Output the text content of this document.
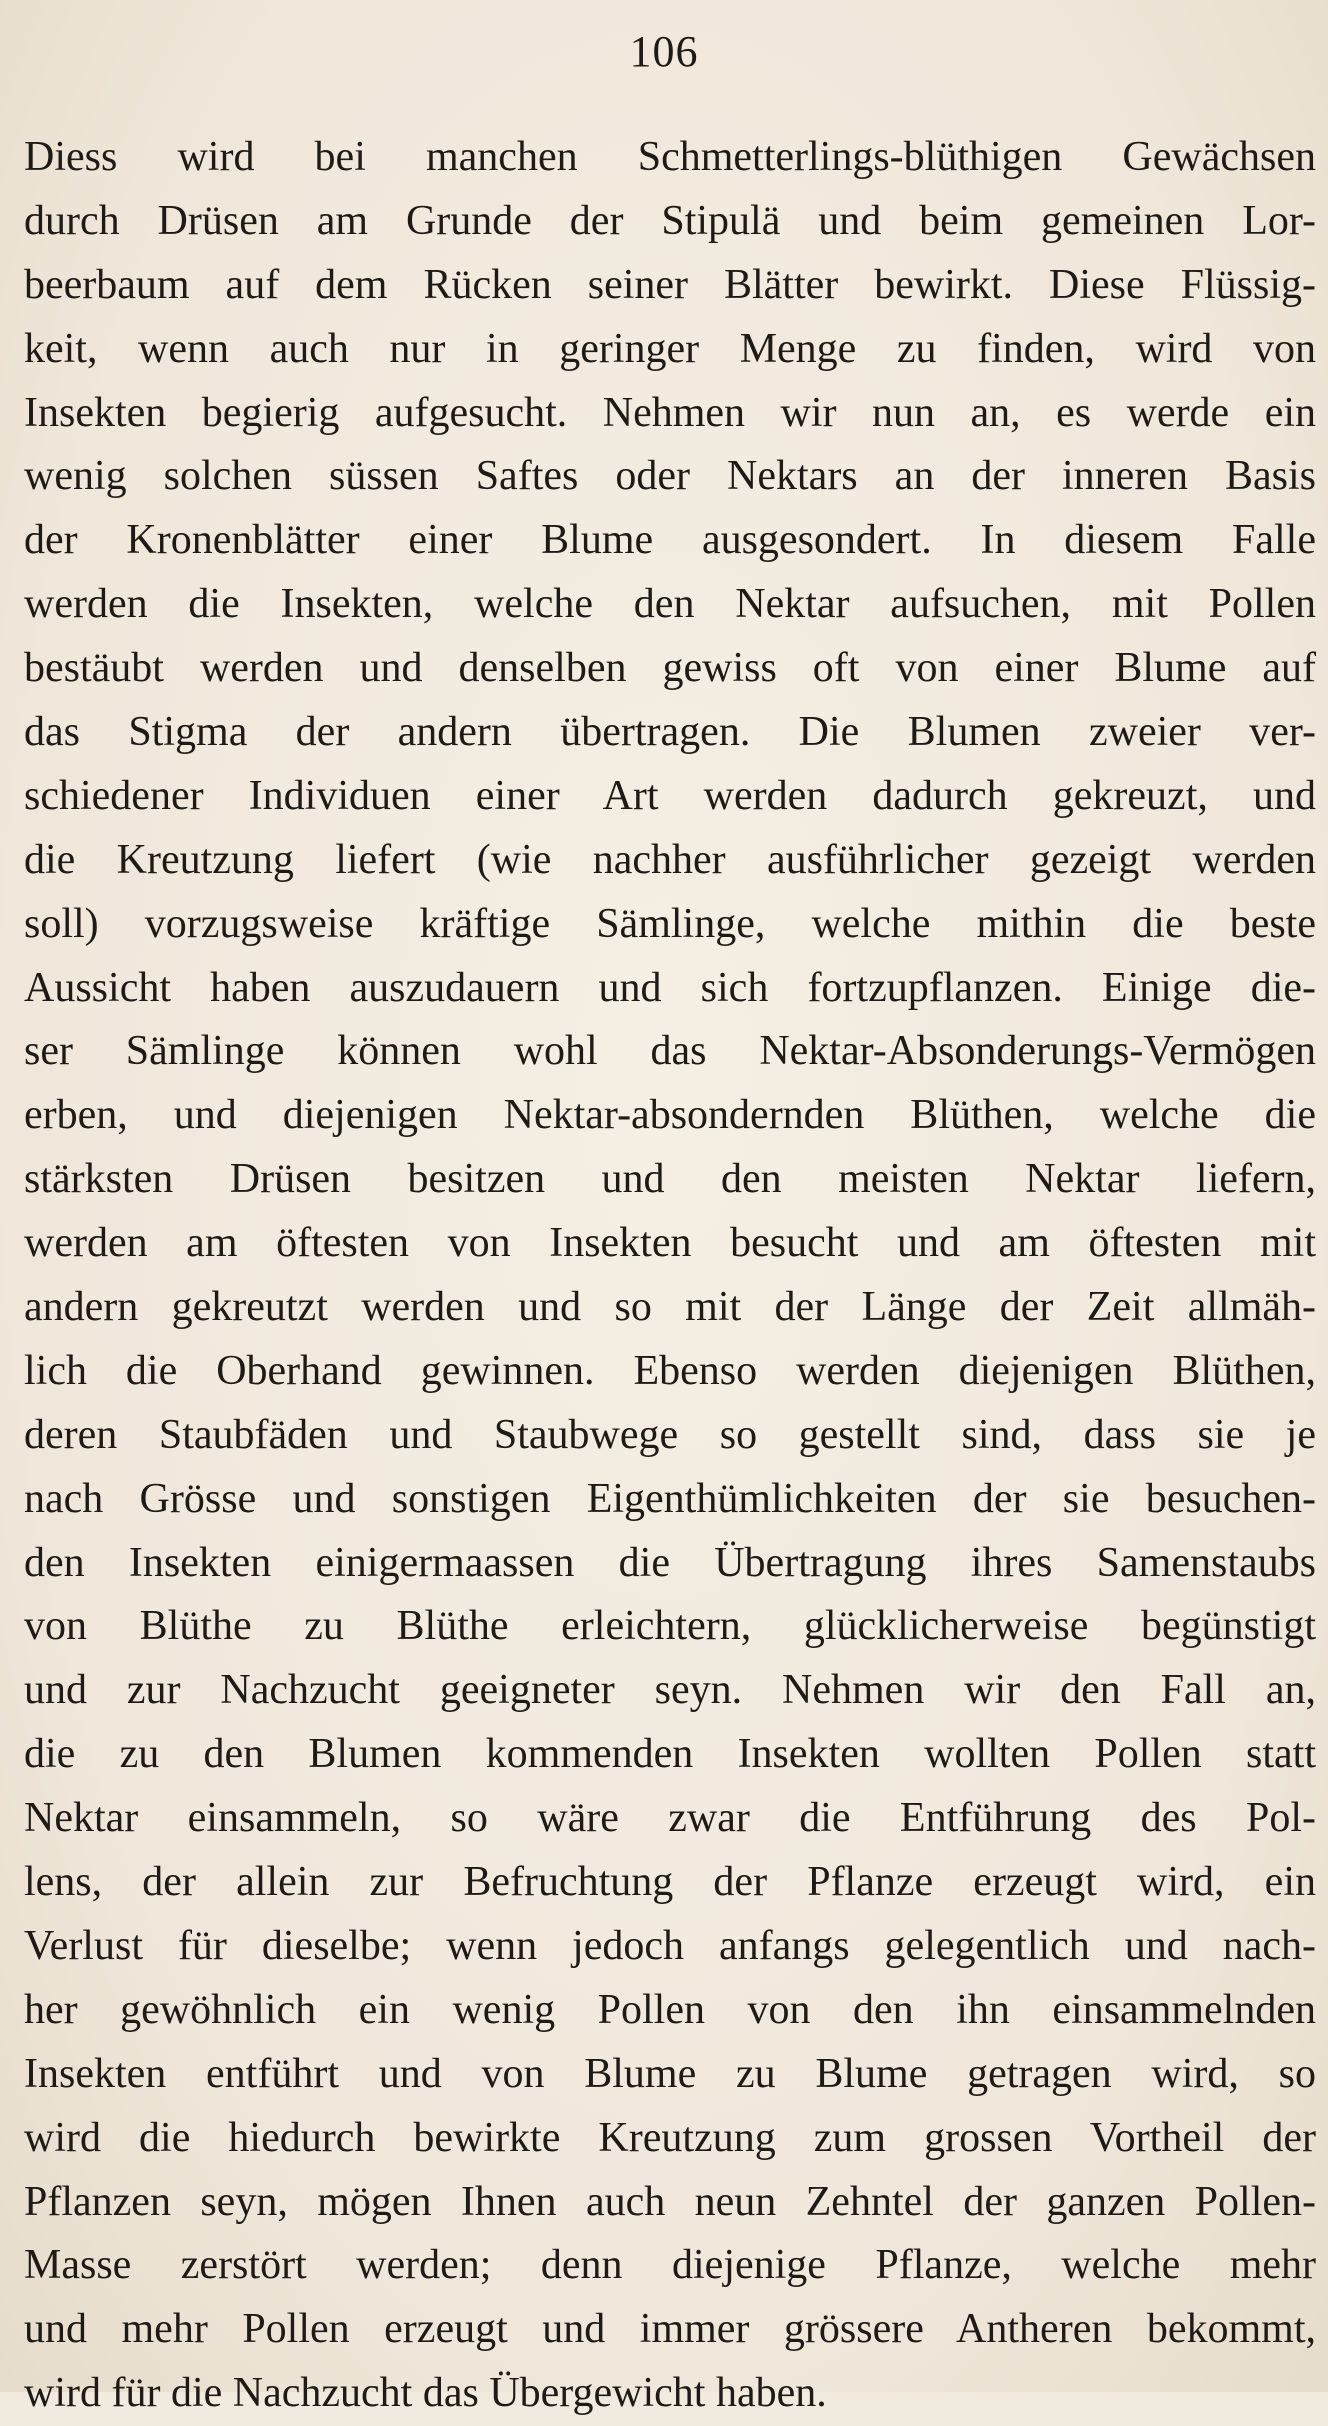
106
Diess wird bei manchen Schmetterlings-blüthigen Gewächsen
durch Drüsen am Grunde der Stipulä und beim gemeinen Lor-
beerbaum auf dem Rücken seiner Blätter bewirkt. Diese Flüssig-
keit, wenn auch nur in geringer Menge zu finden, wird von
Insekten begierig aufgesucht. Nehmen wir nun an, es werde ein
wenig solchen süssen Saftes oder Nektars an der inneren Basis
der Kronenblätter einer Blume ausgesondert. In diesem Falle
werden die Insekten, welche den Nektar aufsuchen, mit Pollen
bestäubt werden und denselben gewiss oft von einer Blume auf
das Stigma der andern übertragen. Die Blumen zweier ver-
schiedener Individuen einer Art werden dadurch gekreuzt, und
die Kreutzung liefert (wie nachher ausführlicher gezeigt werden
soll) vorzugsweise kräftige Sämlinge, welche mithin die beste
Aussicht haben auszudauern und sich fortzupflanzen. Einige die-
ser Sämlinge können wohl das Nektar-Absonderungs-Vermögen
erben, und diejenigen Nektar-absondernden Blüthen, welche die
stärksten Drüsen besitzen und den meisten Nektar liefern,
werden am öftesten von Insekten besucht und am öftesten mit
andern gekreutzt werden und so mit der Länge der Zeit allmäh-
lich die Oberhand gewinnen. Ebenso werden diejenigen Blüthen,
deren Staubfäden und Staubwege so gestellt sind, dass sie je
nach Grösse und sonstigen Eigenthümlichkeiten der sie besuchen-
den Insekten einigermaassen die Übertragung ihres Samenstaubs
von Blüthe zu Blüthe erleichtern, glücklicherweise begünstigt
und zur Nachzucht geeigneter seyn. Nehmen wir den Fall an,
die zu den Blumen kommenden Insekten wollten Pollen statt
Nektar einsammeln, so wäre zwar die Entführung des Pol-
lens, der allein zur Befruchtung der Pflanze erzeugt wird, ein
Verlust für dieselbe; wenn jedoch anfangs gelegentlich und nach-
her gewöhnlich ein wenig Pollen von den ihn einsammelnden
Insekten entführt und von Blume zu Blume getragen wird, so
wird die hiedurch bewirkte Kreutzung zum grossen Vortheil der
Pflanzen seyn, mögen Ihnen auch neun Zehntel der ganzen Pollen-
Masse zerstört werden; denn diejenige Pflanze, welche mehr
und mehr Pollen erzeugt und immer grössere Antheren bekommt,
wird für die Nachzucht das Übergewicht haben.
